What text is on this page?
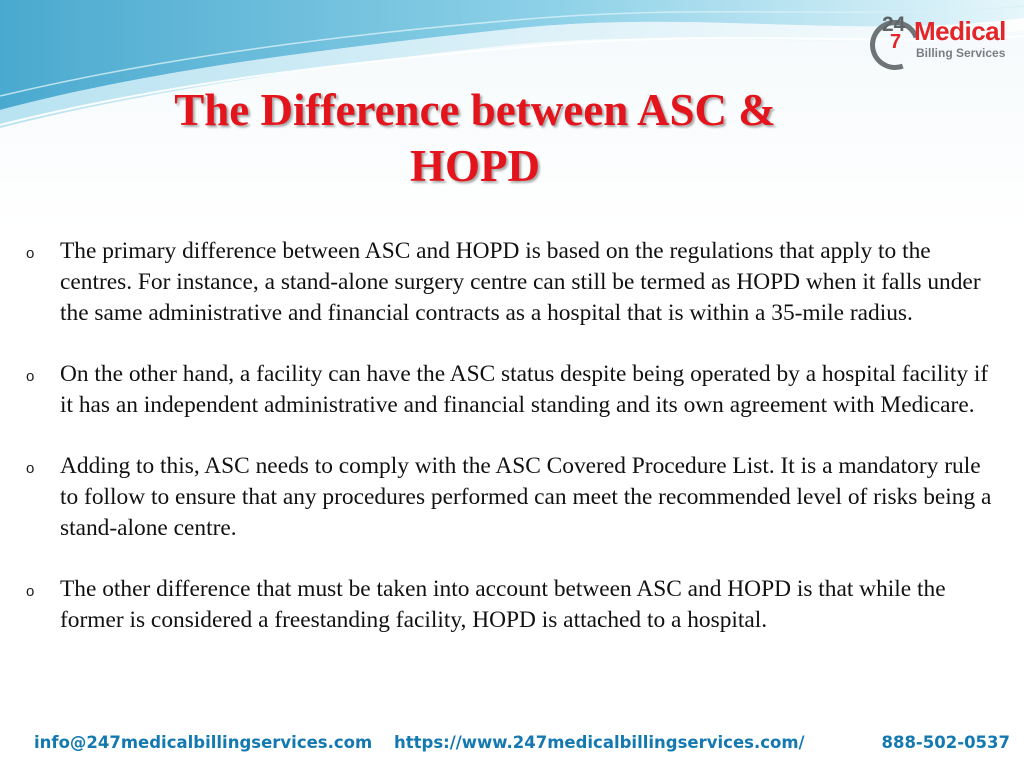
24
7 Medical
Billing Services
The Difference between ASC & HOPD
o The primary difference between ASC and HOPD is based on the regulations that apply to the centres. For instance, a stand-alone surgery centre can still be termed as HOPD when it falls under the same administrative and financial contracts as a hospital that is within a 35-mile radius.
o On the other hand, a facility can have the ASC status despite being operated by a hospital facility if it has an independent administrative and financial standing and its own agreement with Medicare.
o Adding to this, ASC needs to comply with the ASC Covered Procedure List. It is a mandatory rule to follow to ensure that any procedures performed can meet the recommended level of risks being a stand-alone centre.
o The other difference that must be taken into account between ASC and HOPD is that while the former is considered a freestanding facility, HOPD is attached to a hospital.
info@247medicalbillingservices.com https://www.247medicalbillingservices.com/	888-502-0537
